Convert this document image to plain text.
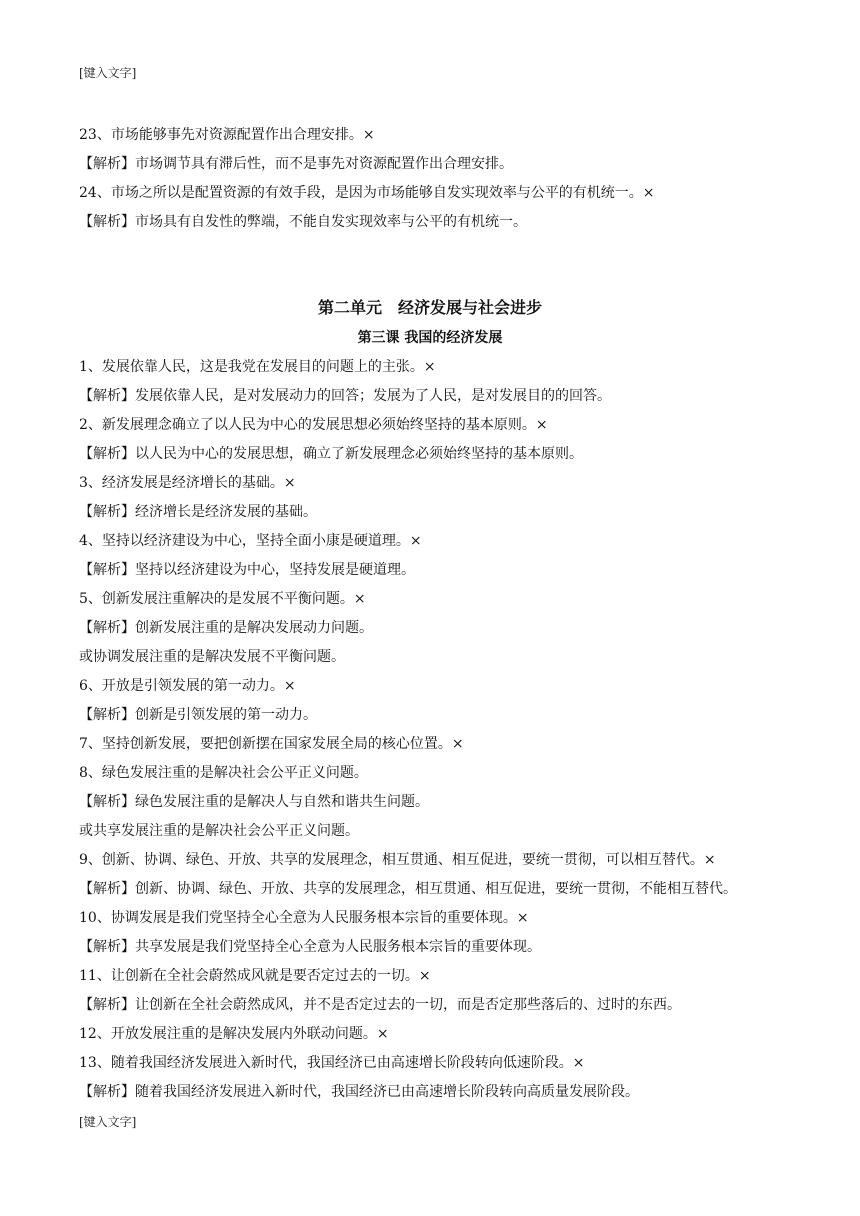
[键入文字]
23、市场能够事先对资源配置作出合理安排。×
【解析】市场调节具有滞后性，而不是事先对资源配置作出合理安排。
24、市场之所以是配置资源的有效手段，是因为市场能够自发实现效率与公平的有机统一。×
【解析】市场具有自发性的弊端，不能自发实现效率与公平的有机统一。
第二单元　经济发展与社会进步
第三课 我国的经济发展
1、发展依靠人民，这是我党在发展目的问题上的主张。×
【解析】发展依靠人民，是对发展动力的回答；发展为了人民，是对发展目的的回答。
2、新发展理念确立了以人民为中心的发展思想必须始终坚持的基本原则。×
【解析】以人民为中心的发展思想，确立了新发展理念必须始终坚持的基本原则。
3、经济发展是经济增长的基础。×
【解析】经济增长是经济发展的基础。
4、坚持以经济建设为中心，坚持全面小康是硬道理。×
【解析】坚持以经济建设为中心，坚持发展是硬道理。
5、创新发展注重解决的是发展不平衡问题。×
【解析】创新发展注重的是解决发展动力问题。
或协调发展注重的是解决发展不平衡问题。
6、开放是引领发展的第一动力。×
【解析】创新是引领发展的第一动力。
7、坚持创新发展，要把创新摆在国家发展全局的核心位置。×
8、绿色发展注重的是解决社会公平正义问题。
【解析】绿色发展注重的是解决人与自然和谐共生问题。
或共享发展注重的是解决社会公平正义问题。
9、创新、协调、绿色、开放、共享的发展理念，相互贯通、相互促进，要统一贯彻，可以相互替代。×
【解析】创新、协调、绿色、开放、共享的发展理念，相互贯通、相互促进，要统一贯彻，不能相互替代。
10、协调发展是我们党坚持全心全意为人民服务根本宗旨的重要体现。×
【解析】共享发展是我们党坚持全心全意为人民服务根本宗旨的重要体现。
11、让创新在全社会蔚然成风就是要否定过去的一切。×
【解析】让创新在全社会蔚然成风，并不是否定过去的一切，而是否定那些落后的、过时的东西。
12、开放发展注重的是解决发展内外联动问题。×
13、随着我国经济发展进入新时代，我国经济已由高速增长阶段转向低速阶段。×
【解析】随着我国经济发展进入新时代，我国经济已由高速增长阶段转向高质量发展阶段。
[键入文字]
